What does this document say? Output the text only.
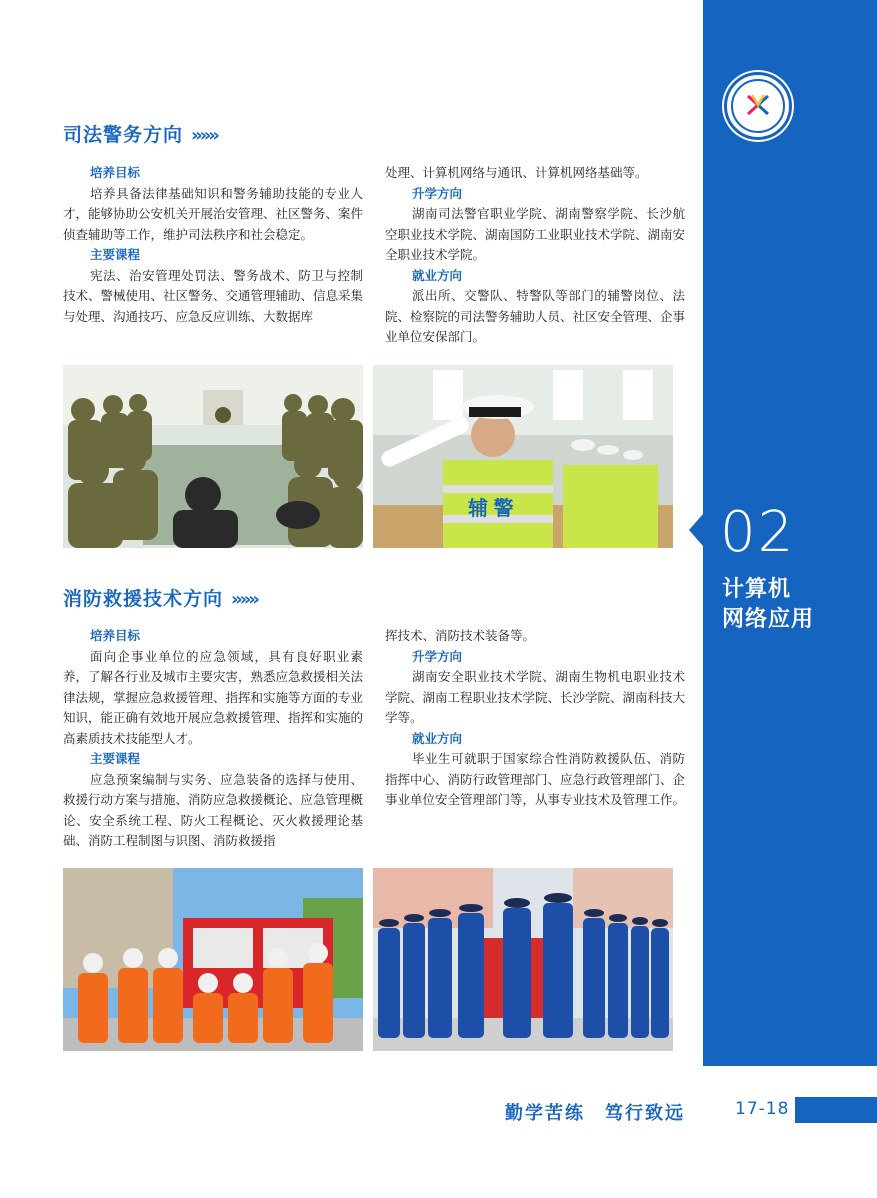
02
计算机
网络应用
司法警务方向 »»»
培养目标
培养具备法律基础知识和警务辅助技能的专业人才，能够协助公安机关开展治安管理、社区警务、案件侦查辅助等工作，维护司法秩序和社会稳定。
主要课程
宪法、治安管理处罚法、警务战术、防卫与控制技术、警械使用、社区警务、交通管理辅助、信息采集与处理、沟通技巧、应急反应训练、大数据库
处理、计算机网络与通讯、计算机网络基础等。
升学方向
湖南司法警官职业学院、湖南警察学院、长沙航空职业技术学院、湖南国防工业职业技术学院、湖南安全职业技术学院。
就业方向
派出所、交警队、特警队等部门的辅警岗位、法院、检察院的司法警务辅助人员、社区安全管理、企事业单位安保部门。
辅 警
消防救援技术方向 »»»
培养目标
面向企事业单位的应急领域，具有良好职业素养，了解各行业及城市主要灾害，熟悉应急救援相关法律法规，掌握应急救援管理、指挥和实施等方面的专业知识，能正确有效地开展应急救援管理、指挥和实施的高素质技术技能型人才。
主要课程
应急预案编制与实务、应急装备的选择与使用、救援行动方案与措施、消防应急救援概论、应急管理概论、安全系统工程、防火工程概论、灭火救援理论基础、消防工程制图与识图、消防救援指
挥技术、消防技术装备等。
升学方向
湖南安全职业技术学院、湖南生物机电职业技术学院、湖南工程职业技术学院、长沙学院、湖南科技大学等。
就业方向
毕业生可就职于国家综合性消防救援队伍、消防指挥中心、消防行政管理部门、应急行政管理部门、企事业单位安全管理部门等，从事专业技术及管理工作。
勤学苦练　笃行致远	17-18
